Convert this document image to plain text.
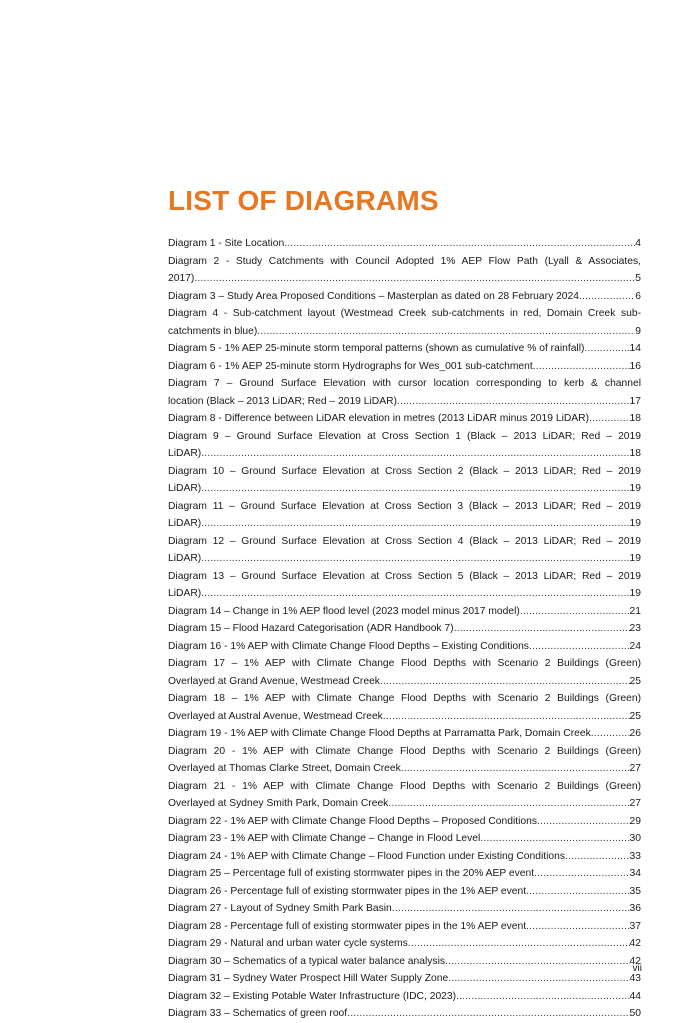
LIST OF DIAGRAMS
Diagram 1 - Site Location .....	4
Diagram 2 - Study Catchments with Council Adopted 1% AEP Flow Path (Lyall & Associates,
2017) .....	5
Diagram 3 – Study Area Proposed Conditions – Masterplan as dated on 28 February 2024 .....	6
Diagram 4 - Sub-catchment layout (Westmead Creek sub-catchments in red, Domain Creek sub-
catchments in blue) .....	9
Diagram 5 - 1% AEP 25-minute storm temporal patterns (shown as cumulative % of rainfall) .....	14
Diagram 6 - 1% AEP 25-minute storm Hydrographs for Wes_001 sub-catchment .....	16
Diagram 7 – Ground Surface Elevation with cursor location corresponding to kerb & channel
location (Black – 2013 LiDAR; Red – 2019 LiDAR) .....	17
Diagram 8 - Difference between LiDAR elevation in metres (2013 LiDAR minus 2019 LiDAR) .....	18
Diagram 9 – Ground Surface Elevation at Cross Section 1 (Black – 2013 LiDAR; Red – 2019
LiDAR) .....	18
Diagram 10 – Ground Surface Elevation at Cross Section 2 (Black – 2013 LiDAR; Red – 2019
LiDAR) .....	19
Diagram 11 – Ground Surface Elevation at Cross Section 3 (Black – 2013 LiDAR; Red – 2019
LiDAR) .....	19
Diagram 12 – Ground Surface Elevation at Cross Section 4 (Black – 2013 LiDAR; Red – 2019
LiDAR) .....	19
Diagram 13 – Ground Surface Elevation at Cross Section 5 (Black – 2013 LiDAR; Red – 2019
LiDAR) .....	19
Diagram 14 – Change in 1% AEP flood level (2023 model minus 2017 model) .....	21
Diagram 15 – Flood Hazard Categorisation (ADR Handbook 7) .....	23
Diagram 16 - 1% AEP with Climate Change Flood Depths – Existing Conditions .....	24
Diagram 17 – 1% AEP with Climate Change Flood Depths with Scenario 2 Buildings (Green)
Overlayed at Grand Avenue, Westmead Creek .....	25
Diagram 18 – 1% AEP with Climate Change Flood Depths with Scenario 2 Buildings (Green)
Overlayed at Austral Avenue, Westmead Creek .....	25
Diagram 19 - 1% AEP with Climate Change Flood Depths at Parramatta Park, Domain Creek .....	26
Diagram 20 - 1% AEP with Climate Change Flood Depths with Scenario 2 Buildings (Green)
Overlayed at Thomas Clarke Street, Domain Creek .....	27
Diagram 21 - 1% AEP with Climate Change Flood Depths with Scenario 2 Buildings (Green)
Overlayed at Sydney Smith Park, Domain Creek .....	27
Diagram 22 - 1% AEP with Climate Change Flood Depths – Proposed Conditions .....	29
Diagram 23 - 1% AEP with Climate Change – Change in Flood Level .....	30
Diagram 24 - 1% AEP with Climate Change – Flood Function under Existing Conditions .....	33
Diagram 25 – Percentage full of existing stormwater pipes in the 20% AEP event .....	34
Diagram 26 - Percentage full of existing stormwater pipes in the 1% AEP event .....	35
Diagram 27 - Layout of Sydney Smith Park Basin .....	36
Diagram 28 - Percentage full of existing stormwater pipes in the 1% AEP event .....	37
Diagram 29 - Natural and urban water cycle systems .....	42
Diagram 30 – Schematics of a typical water balance analysis .....	42
Diagram 31 – Sydney Water Prospect Hill Water Supply Zone .....	43
Diagram 32 – Existing Potable Water Infrastructure (IDC, 2023) .....	44
Diagram 33 – Schematics of green roof .....	50
vii
